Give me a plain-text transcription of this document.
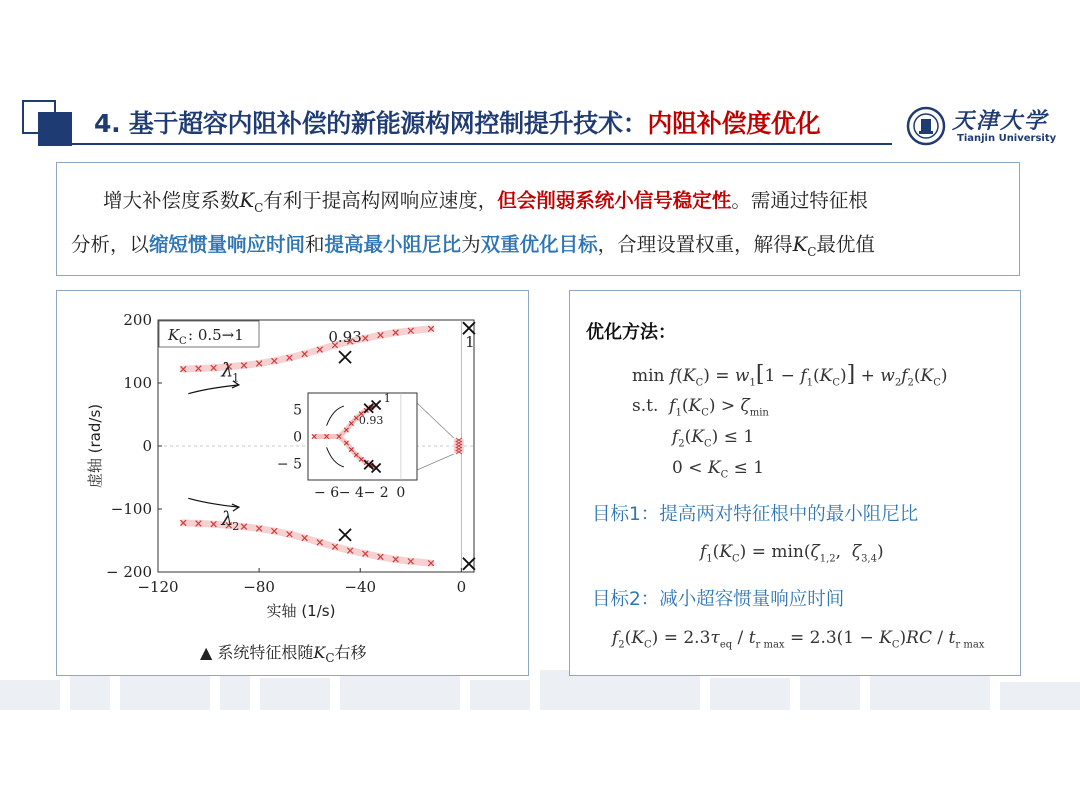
4. 基于超容内阻补偿的新能源构网控制提升技术：内阻补偿度优化	天津大学
Tianjin University

增大补偿度系数$K_C$有利于提高构网响应速度，但会削弱系统小信号稳定性。需通过特征根

分析，以缩短惯量响应时间和提高最小阻尼比为双重优化目标，合理设置权重，解得$K_C$最优值

200
100
0
−100
− 200
−120	−80	−40	0
实轴 (1/s)
虚轴 (rad/s)
0.93	1
λ
1
λ
2
K C : 0.5→1
5
0
− 5
− 6 − 4 − 2 0
0.93
1
▲ 系统特征根随$K_C$右移
优化方法：
$\min f(K_C) = w_1[1 - f_1(K_C)] + w_2f_2(K_C)$
s.t.  $f_1(K_C) > \zeta_{min}$
$f_2(K_C) \le 1$
$0 < K_C \le 1$
目标1：提高两对特征根中的最小阻尼比
$f_1(K_C) = \min(\zeta_{1,2}$,  $\zeta_{3,4}$)
目标2：减小超容惯量响应时间
$f_2(K_C) = 2.3\tau_{eq} / t_{r max} = 2.3(1 - K_C)RC / t_{r max}$
